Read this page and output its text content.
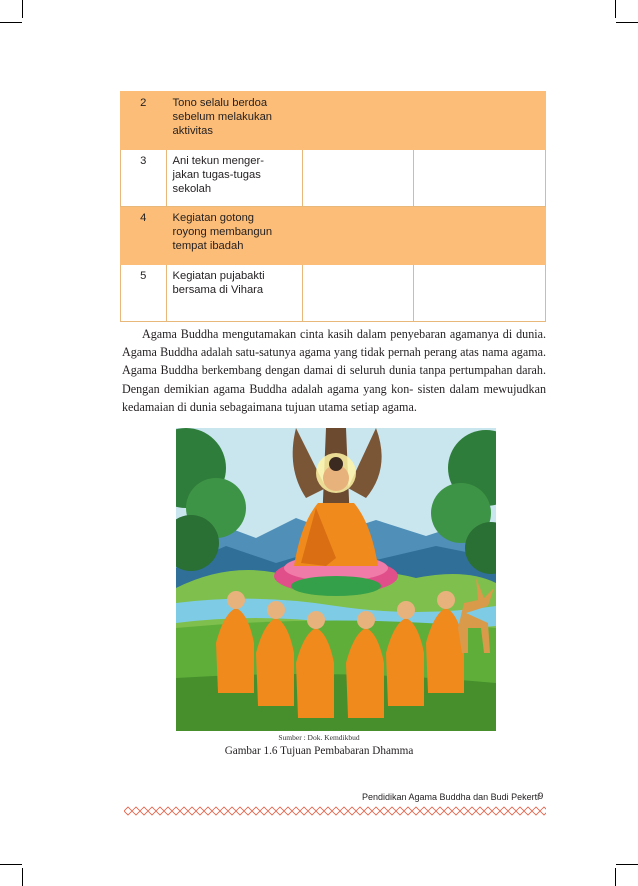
2	Tono selalu berdoa
sebelum melakukan
aktivitas		

3	Ani tekun menger-
jakan tugas-tugas
sekolah		

4	Kegiatan gotong
royong membangun
tempat ibadah		

5	Kegiatan pujabakti
bersama di Vihara		

Agama Buddha mengutamakan cinta kasih dalam penyebaran agamanya di dunia. Agama Buddha adalah satu-satunya agama yang tidak pernah perang atas nama agama. Agama Buddha berkembang dengan damai di seluruh dunia tanpa pertumpahan darah. Dengan demikian agama Buddha adalah agama yang kon- sisten dalam mewujudkan kedamaian di dunia sebagaimana tujuan utama setiap agama.

Sumber : Dok. Kemdikbud
Gambar 1.6 Tujuan Pembabaran Dhamma
Pendidikan Agama Buddha dan Budi Pekerti
9
